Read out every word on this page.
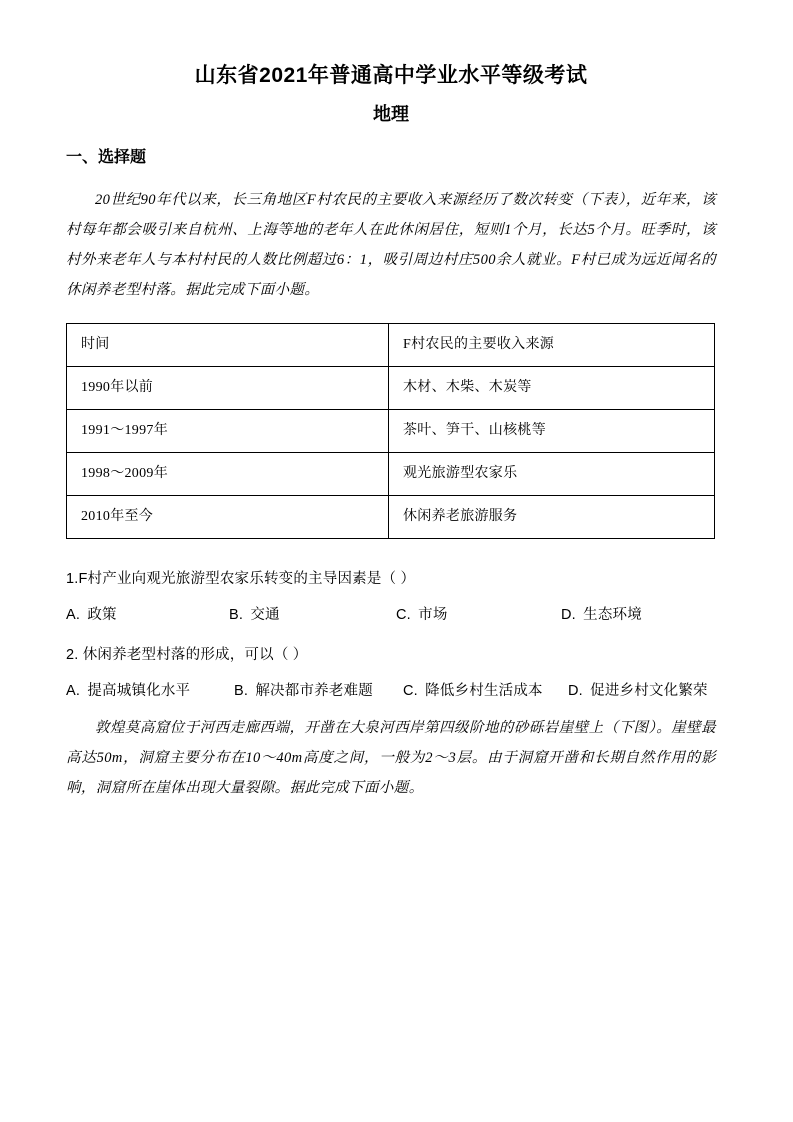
山东省2021年普通高中学业水平等级考试
地理
一、选择题

20世纪90年代以来，长三角地区F村农民的主要收入来源经历了数次转变（下表），近年来，该村每年都会吸引来自杭州、上海等地的老年人在此休闲居住，短则1个月，长达5个月。旺季时，该村外来老年人与本村村民的人数比例超过6：1，吸引周边村庄500余人就业。F村已成为远近闻名的休闲养老型村落。据此完成下面小题。

时间	F村农民的主要收入来源
1990年以前	木材、木柴、木炭等
1991～1997年	茶叶、笋干、山核桃等
1998～2009年	观光旅游型农家乐
2010年至今	休闲养老旅游服务

1.F村产业向观光旅游型农家乐转变的主导因素是（ ）

A. 政策	B. 交通	C. 市场	D. 生态环境

2. 休闲养老型村落的形成，可以（ ）

A. 提高城镇化水平	B. 解决都市养老难题 C. 降低乡村生活成本 D. 促进乡村文化繁荣

敦煌莫高窟位于河西走廊西端，开凿在大泉河西岸第四级阶地的砂砾岩崖壁上（下图）。崖壁最高达50m，洞窟主要分布在10～40m高度之间，一般为2～3层。由于洞窟开凿和长期自然作用的影响，洞窟所在崖体出现大量裂隙。据此完成下面小题。
